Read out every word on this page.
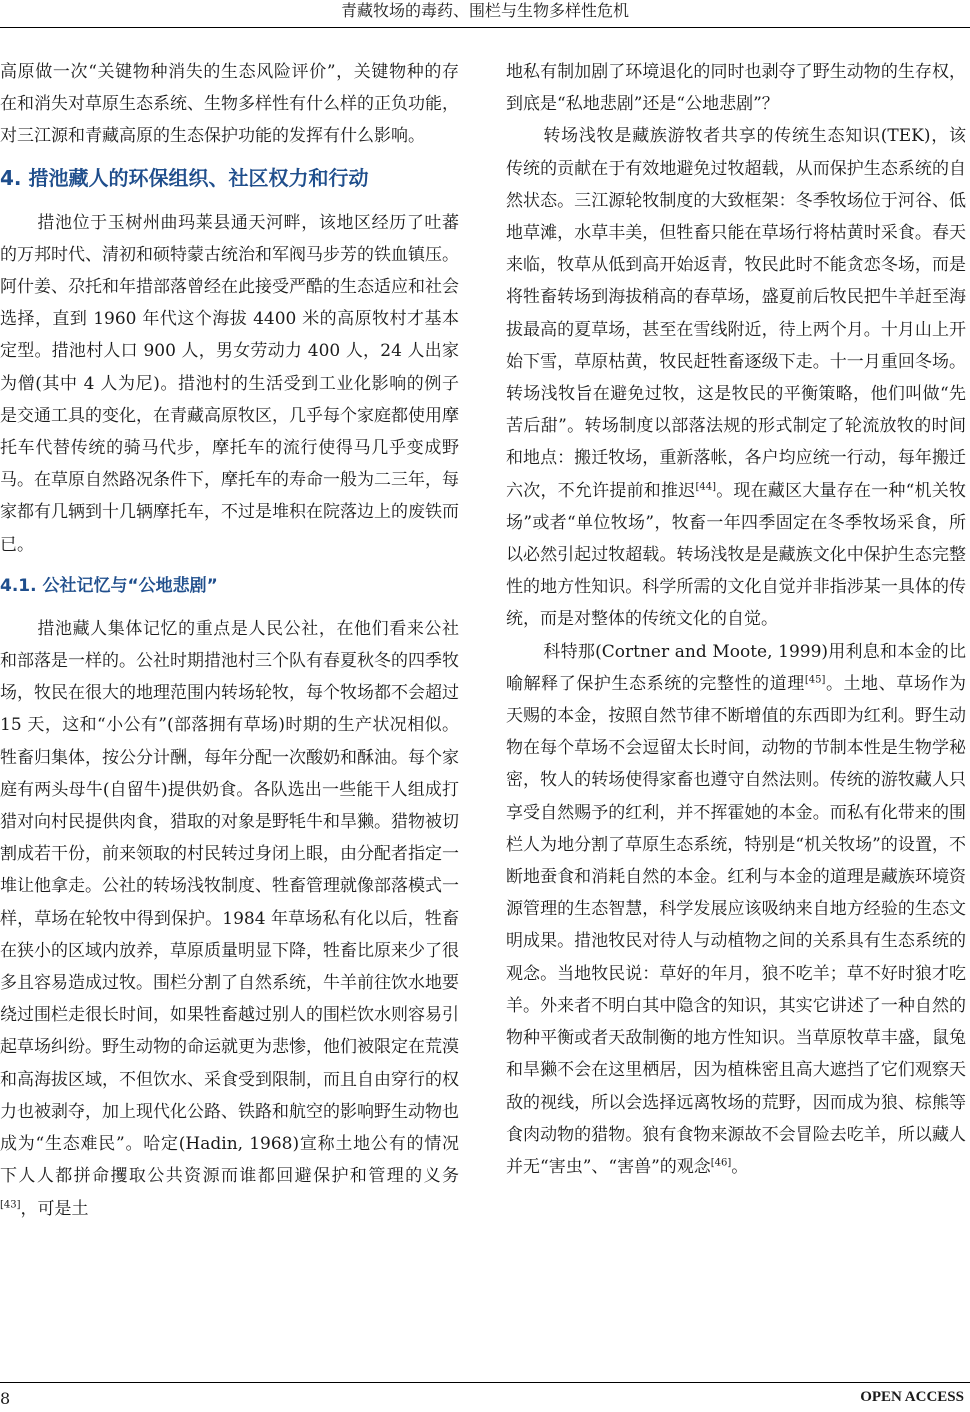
青藏牧场的毒药、围栏与生物多样性危机

高原做一次“关键物种消失的生态风险评价”，关键物种的存在和消失对草原生态系统、生物多样性有什么样的正负功能，对三江源和青藏高原的生态保护功能的发挥有什么影响。

4. 措池藏人的环保组织、社区权力和行动

措池位于玉树州曲玛莱县通天河畔，该地区经历了吐蕃的万邦时代、清初和硕特蒙古统治和军阀马步芳的铁血镇压。阿什姜、尕托和年措部落曾经在此接受严酷的生态适应和社会选择，直到 1960 年代这个海拔 4400 米的高原牧村才基本定型。措池村人口 900 人，男女劳动力 400 人，24 人出家为僧(其中 4 人为尼)。措池村的生活受到工业化影响的例子是交通工具的变化，在青藏高原牧区，几乎每个家庭都使用摩托车代替传统的骑马代步，摩托车的流行使得马几乎变成野马。在草原自然路况条件下，摩托车的寿命一般为二三年，每家都有几辆到十几辆摩托车，不过是堆积在院落边上的废铁而已。

4.1. 公社记忆与“公地悲剧”

措池藏人集体记忆的重点是人民公社，在他们看来公社和部落是一样的。公社时期措池村三个队有春夏秋冬的四季牧场，牧民在很大的地理范围内转场轮牧，每个牧场都不会超过 15 天，这和“小公有”(部落拥有草场)时期的生产状况相似。牲畜归集体，按公分计酬，每年分配一次酸奶和酥油。每个家庭有两头母牛(自留牛)提供奶食。各队选出一些能干人组成打猎对向村民提供肉食，猎取的对象是野牦牛和旱獭。猎物被切割成若干份，前来领取的村民转过身闭上眼，由分配者指定一堆让他拿走。公社的转场浅牧制度、牲畜管理就像部落模式一样，草场在轮牧中得到保护。1984 年草场私有化以后，牲畜在狭小的区域内放养，草原质量明显下降，牲畜比原来少了很多且容易造成过牧。围栏分割了自然系统，牛羊前往饮水地要绕过围栏走很长时间，如果牲畜越过别人的围栏饮水则容易引起草场纠纷。野生动物的命运就更为悲惨，他们被限定在荒漠和高海拔区域，不但饮水、采食受到限制，而且自由穿行的权力也被剥夺，加上现代化公路、铁路和航空的影响野生动物也成为“生态难民”。哈定(Hadin, 1968)宣称土地公有的情况下人人都拼命攫取公共资源而谁都回避保护和管理的义务[43]，可是土

地私有制加剧了环境退化的同时也剥夺了野生动物的生存权，到底是“私地悲剧”还是“公地悲剧”？

转场浅牧是藏族游牧者共享的传统生态知识(TEK)，该传统的贡献在于有效地避免过牧超载，从而保护生态系统的自然状态。三江源轮牧制度的大致框架：冬季牧场位于河谷、低地草滩，水草丰美，但牲畜只能在草场行将枯黄时采食。春天来临，牧草从低到高开始返青，牧民此时不能贪恋冬场，而是将牲畜转场到海拔稍高的春草场，盛夏前后牧民把牛羊赶至海拔最高的夏草场，甚至在雪线附近，待上两个月。十月山上开始下雪，草原枯黄，牧民赶牲畜逐级下走。十一月重回冬场。转场浅牧旨在避免过牧，这是牧民的平衡策略，他们叫做“先苦后甜”。转场制度以部落法规的形式制定了轮流放牧的时间和地点：搬迁牧场，重新落帐，各户均应统一行动，每年搬迁六次，不允许提前和推迟[44]。现在藏区大量存在一种“机关牧场”或者“单位牧场”，牧畜一年四季固定在冬季牧场采食，所以必然引起过牧超载。转场浅牧是是藏族文化中保护生态完整性的地方性知识。科学所需的文化自觉并非指涉某一具体的传统，而是对整体的传统文化的自觉。

科特那(Cortner and Moote, 1999)用利息和本金的比喻解释了保护生态系统的完整性的道理[45]。土地、草场作为天赐的本金，按照自然节律不断增值的东西即为红利。野生动物在每个草场不会逗留太长时间，动物的节制本性是生物学秘密，牧人的转场使得家畜也遵守自然法则。传统的游牧藏人只享受自然赐予的红利，并不挥霍她的本金。而私有化带来的围栏人为地分割了草原生态系统，特别是“机关牧场”的设置，不断地蚕食和消耗自然的本金。红利与本金的道理是藏族环境资源管理的生态智慧，科学发展应该吸纳来自地方经验的生态文明成果。措池牧民对待人与动植物之间的关系具有生态系统的观念。当地牧民说：草好的年月，狼不吃羊；草不好时狼才吃羊。外来者不明白其中隐含的知识，其实它讲述了一种自然的物种平衡或者天敌制衡的地方性知识。当草原牧草丰盛，鼠兔和旱獭不会在这里栖居，因为植株密且高大遮挡了它们观察天敌的视线，所以会选择远离牧场的荒野，因而成为狼、棕熊等食肉动物的猎物。狼有食物来源故不会冒险去吃羊，所以藏人并无“害虫”、“害兽”的观念[46]。

8	OPEN ACCESS
